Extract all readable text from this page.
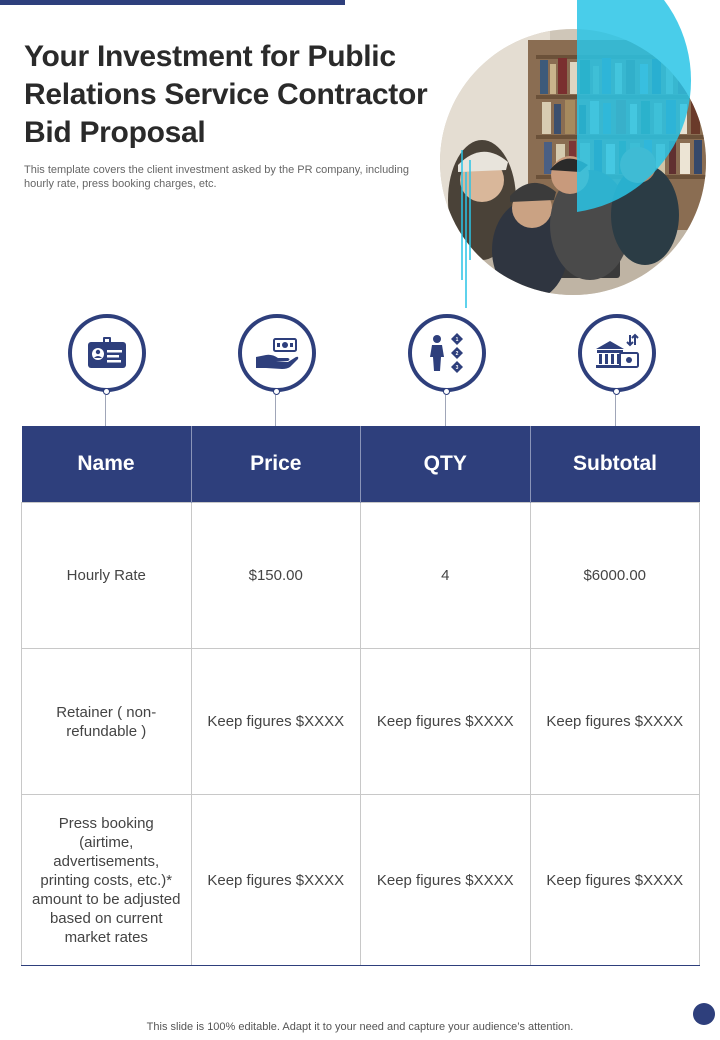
Your Investment for Public Relations Service Contractor Bid Proposal

This template covers the client investment asked by the PR company, including hourly rate, press booking charges, etc.

1
2
3
Name	Price	QTY	Subtotal
Hourly Rate	$150.00	4	$6000.00
Retainer ( non-refundable )	Keep figures $XXXX	Keep figures $XXXX	Keep figures $XXXX
Press booking (airtime, advertisements, printing costs, etc.)* amount to be adjusted based on current market rates	Keep figures $XXXX	Keep figures $XXXX	Keep figures $XXXX
This slide is 100% editable. Adapt it to your need and capture your audience’s attention.
